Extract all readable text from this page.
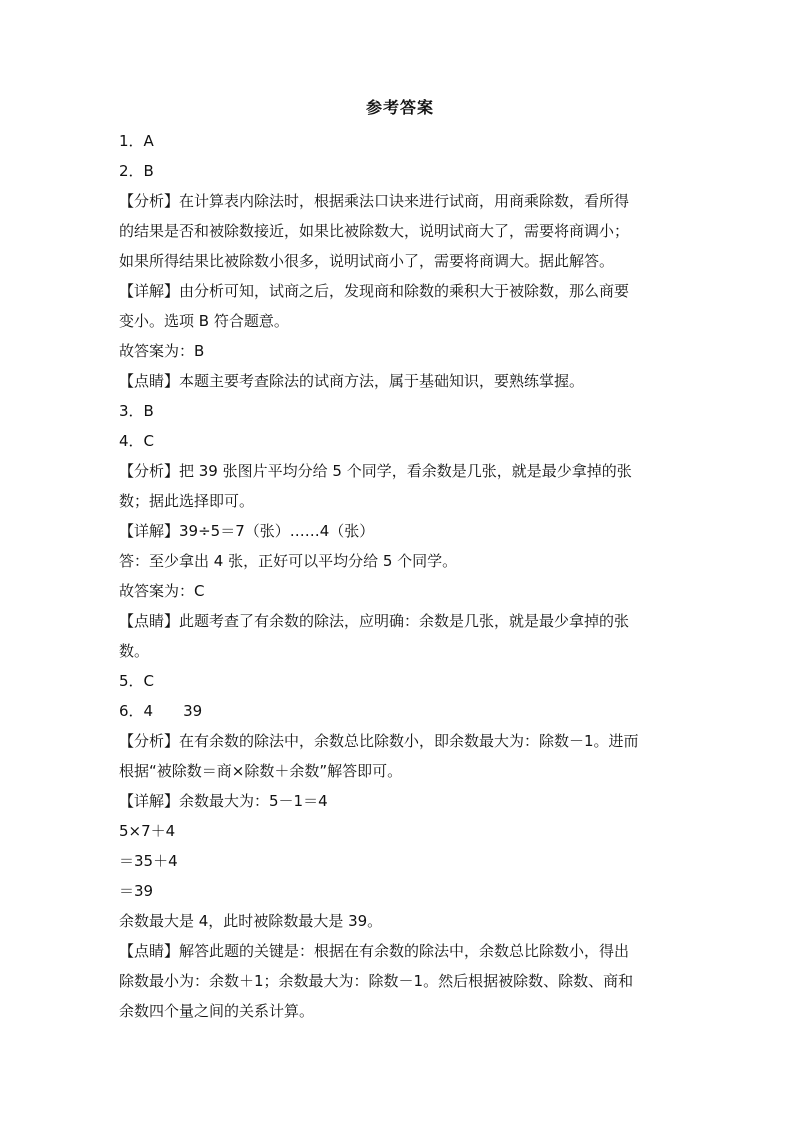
参考答案
1．A
2．B
【分析】在计算表内除法时，根据乘法口诀来进行试商，用商乘除数，看所得
的结果是否和被除数接近，如果比被除数大，说明试商大了，需要将商调小；
如果所得结果比被除数小很多，说明试商小了，需要将商调大。据此解答。
【详解】由分析可知，试商之后，发现商和除数的乘积大于被除数，那么商要
变小。选项 B 符合题意。
故答案为：B
【点睛】本题主要考查除法的试商方法，属于基础知识，要熟练掌握。
3．B
4．C
【分析】把 39 张图片平均分给 5 个同学，看余数是几张，就是最少拿掉的张
数；据此选择即可。
【详解】39÷5＝7（张）……4（张）
答：至少拿出 4 张，正好可以平均分给 5 个同学。
故答案为：C
【点睛】此题考查了有余数的除法，应明确：余数是几张，就是最少拿掉的张
数。
5．C
6．4　　39
【分析】在有余数的除法中，余数总比除数小，即余数最大为：除数－1。进而
根据“被除数＝商×除数＋余数”解答即可。
【详解】余数最大为：5－1＝4
5×7＋4
＝35＋4
＝39
余数最大是 4，此时被除数最大是 39。
【点睛】解答此题的关键是：根据在有余数的除法中，余数总比除数小，得出
除数最小为：余数＋1；余数最大为：除数－1。然后根据被除数、除数、商和
余数四个量之间的关系计算。
